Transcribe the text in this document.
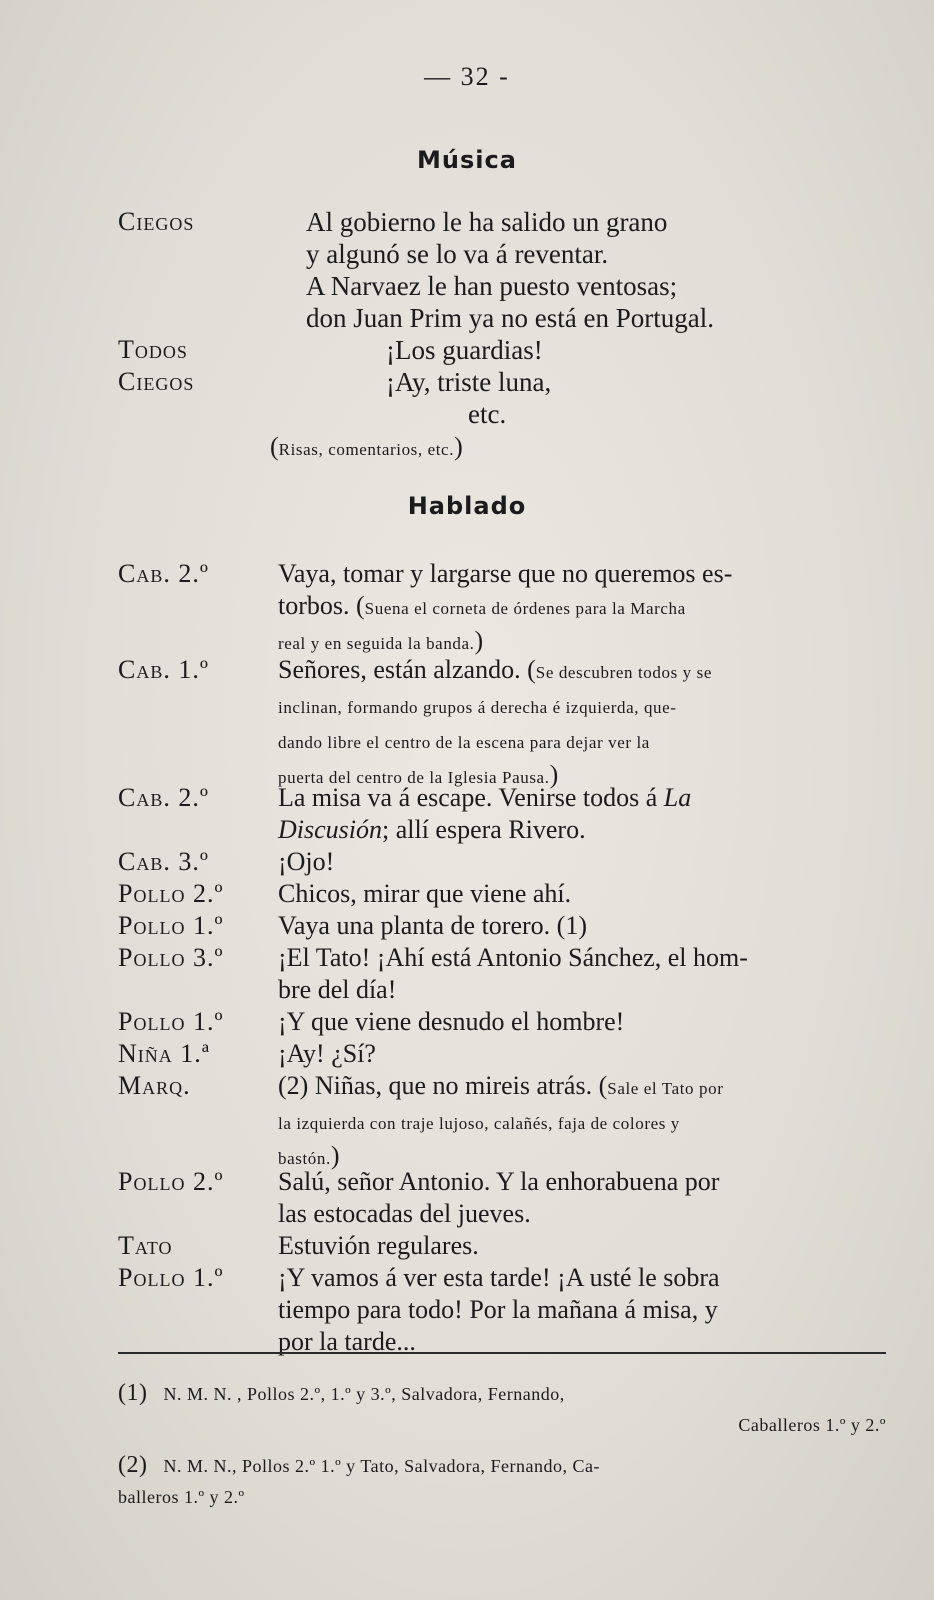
— 32 -
Música
Ciegos	Al gobierno le ha salido un grano
y algunó se lo va á reventar.
A Narvaez le han puesto ventosas;
don Juan Prim ya no está en Portugal.
Todos	¡Los guardias!
Ciegos	¡Ay, triste luna,
etc.
(Risas, comentarios, etc.)
Hablado
Cab. 2.º	Vaya, tomar y largarse que no queremos es-
torbos. (Suena el corneta de órdenes para la Marcha
real y en seguida la banda.)
Cab. 1.º	Señores, están alzando. (Se descubren todos y se
inclinan, formando grupos á derecha é izquierda, que-
dando libre el centro de la escena para dejar ver la
puerta del centro de la Iglesia Pausa.)
Cab. 2.º	La misa va á escape. Venirse todos á La
Discusión; allí espera Rivero.
Cab. 3.º	¡Ojo!
Pollo 2.º Chicos, mirar que viene ahí.
Pollo 1.º Vaya una planta de torero. (1)
Pollo 3.º ¡El Tato! ¡Ahí está Antonio Sánchez, el hom-
bre del día!
Pollo 1.º ¡Y que viene desnudo el hombre!
Niña 1.ª	¡Ay! ¿Sí?
Marq.	(2) Niñas, que no mireis atrás. (Sale el Tato por
la izquierda con traje lujoso, calañés, faja de colores y
bastón.)
Pollo 2.º Salú, señor Antonio. Y la enhorabuena por
las estocadas del jueves.
Tato	Estuvión regulares.
Pollo 1.º ¡Y vamos á ver esta tarde! ¡A usté le sobra
tiempo para todo! Por la mañana á misa, y
por la tarde...
(1) N. M. N. , Pollos 2.º, 1.º y 3.º, Salvadora, Fernando,
Caballeros 1.º y 2.º
(2) N. M. N., Pollos 2.º 1.º y Tato, Salvadora, Fernando, Ca-
balleros 1.º y 2.º
